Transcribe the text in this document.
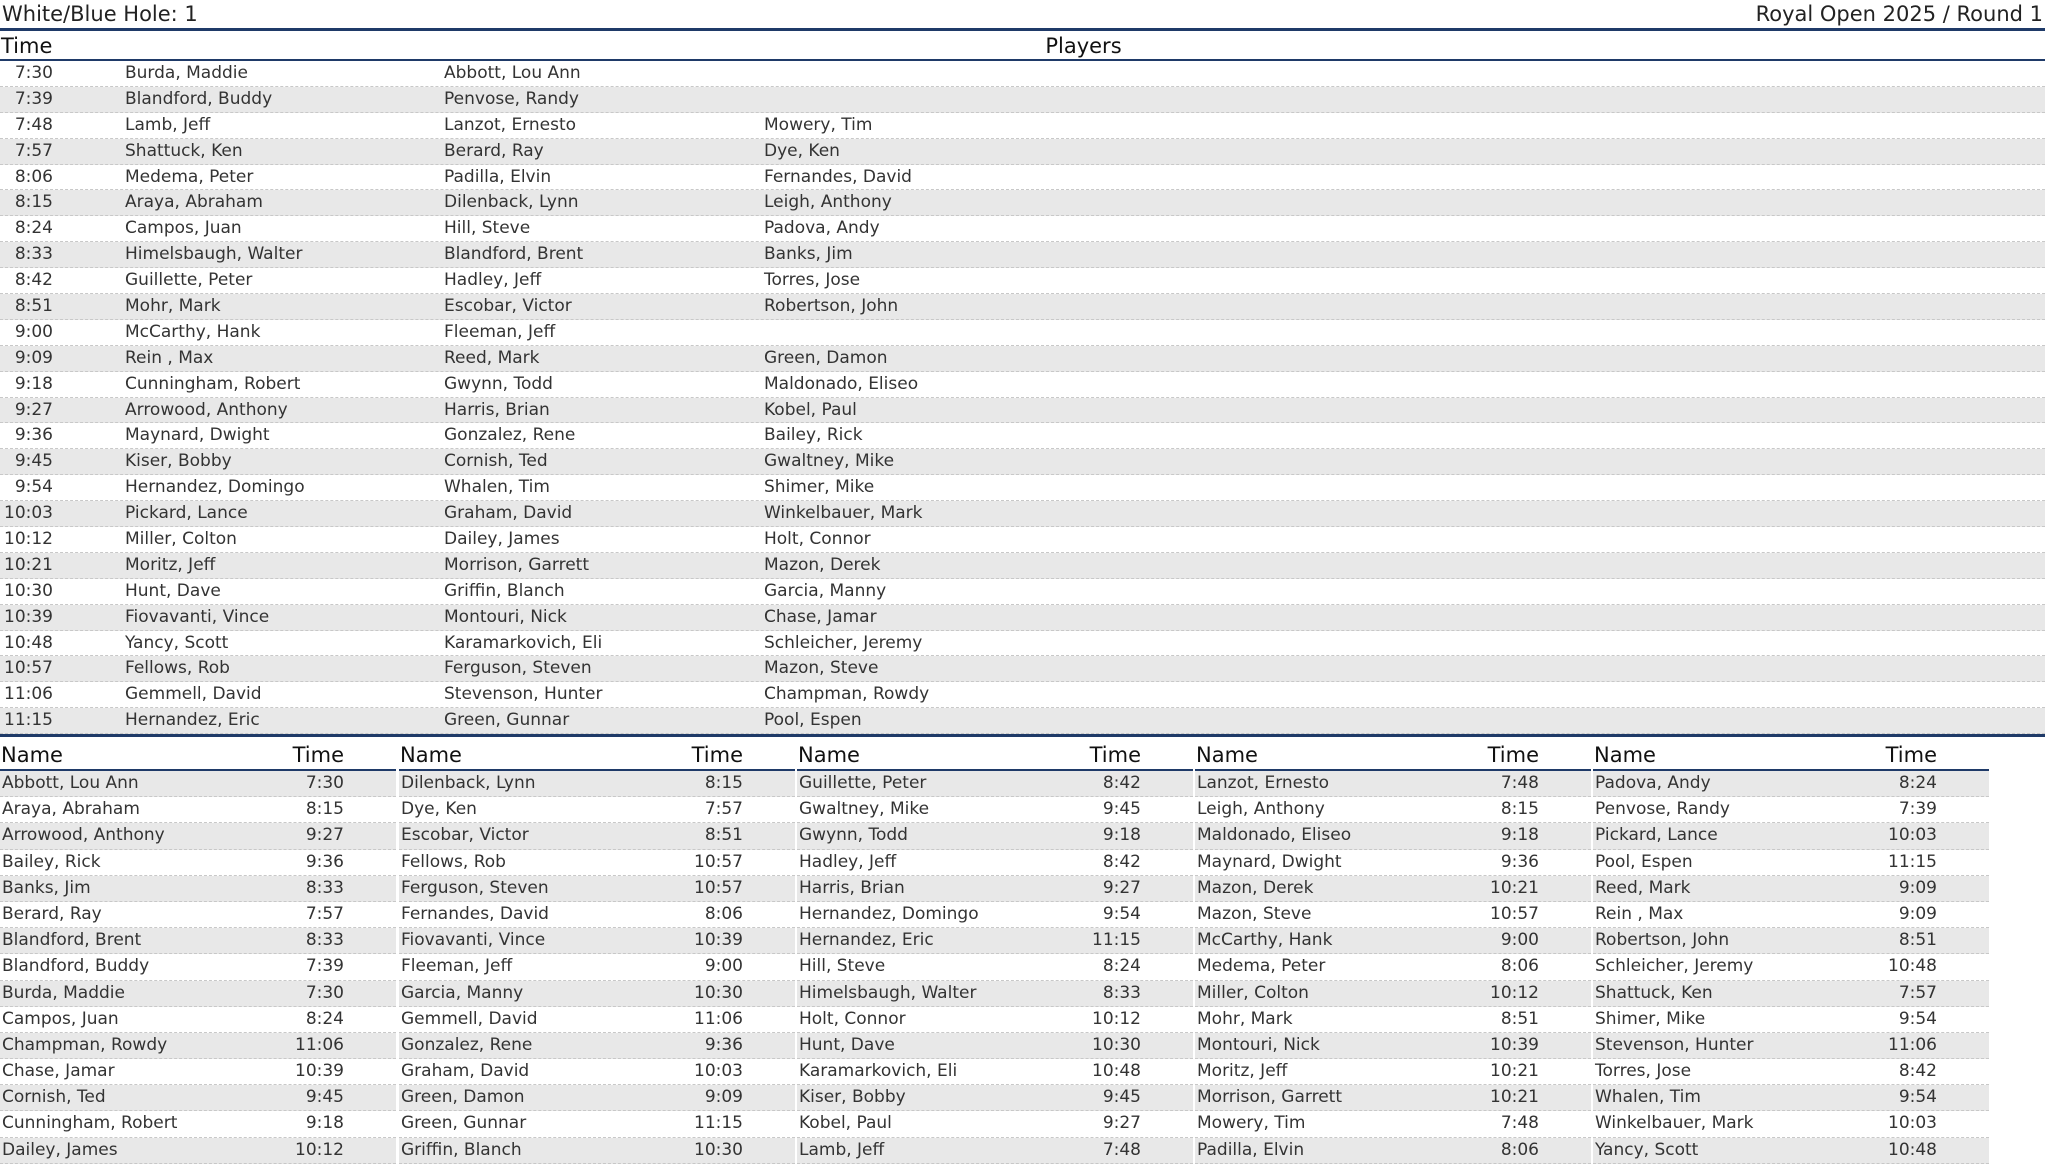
White/Blue Hole: 1	Royal Open 2025 / Round 1
Time	Players
7:30	Burda, Maddie	Abbott, Lou Ann
7:39	Blandford, Buddy	Penvose, Randy
7:48	Lamb, Jeff	Lanzot, Ernesto	Mowery, Tim
7:57	Shattuck, Ken	Berard, Ray	Dye, Ken
8:06	Medema, Peter	Padilla, Elvin	Fernandes, David
8:15	Araya, Abraham	Dilenback, Lynn	Leigh, Anthony
8:24	Campos, Juan	Hill, Steve	Padova, Andy
8:33	Himelsbaugh, Walter	Blandford, Brent	Banks, Jim
8:42	Guillette, Peter	Hadley, Jeff	Torres, Jose
8:51	Mohr, Mark	Escobar, Victor	Robertson, John
9:00	McCarthy, Hank	Fleeman, Jeff
9:09	Rein , Max	Reed, Mark	Green, Damon
9:18	Cunningham, Robert	Gwynn, Todd	Maldonado, Eliseo
9:27	Arrowood, Anthony	Harris, Brian	Kobel, Paul
9:36	Maynard, Dwight	Gonzalez, Rene	Bailey, Rick
9:45	Kiser, Bobby	Cornish, Ted	Gwaltney, Mike
9:54	Hernandez, Domingo	Whalen, Tim	Shimer, Mike
10:03	Pickard, Lance	Graham, David	Winkelbauer, Mark
10:12	Miller, Colton	Dailey, James	Holt, Connor
10:21	Moritz, Jeff	Morrison, Garrett	Mazon, Derek
10:30	Hunt, Dave	Griffin, Blanch	Garcia, Manny
10:39	Fiovavanti, Vince	Montouri, Nick	Chase, Jamar
10:48	Yancy, Scott	Karamarkovich, Eli	Schleicher, Jeremy
10:57	Fellows, Rob	Ferguson, Steven	Mazon, Steve
11:06	Gemmell, David	Stevenson, Hunter	Champman, Rowdy
11:15	Hernandez, Eric	Green, Gunnar	Pool, Espen
Name	Time
Abbott, Lou Ann	7:30
Araya, Abraham	8:15
Arrowood, Anthony	9:27
Bailey, Rick	9:36
Banks, Jim	8:33
Berard, Ray	7:57
Blandford, Brent	8:33
Blandford, Buddy	7:39
Burda, Maddie	7:30
Campos, Juan	8:24
Champman, Rowdy	11:06
Chase, Jamar	10:39
Cornish, Ted	9:45
Cunningham, Robert	9:18
Dailey, James	10:12
Name	Time
Dilenback, Lynn	8:15
Dye, Ken	7:57
Escobar, Victor	8:51
Fellows, Rob	10:57
Ferguson, Steven	10:57
Fernandes, David	8:06
Fiovavanti, Vince	10:39
Fleeman, Jeff	9:00
Garcia, Manny	10:30
Gemmell, David	11:06
Gonzalez, Rene	9:36
Graham, David	10:03
Green, Damon	9:09
Green, Gunnar	11:15
Griffin, Blanch	10:30
Name	Time
Guillette, Peter	8:42
Gwaltney, Mike	9:45
Gwynn, Todd	9:18
Hadley, Jeff	8:42
Harris, Brian	9:27
Hernandez, Domingo	9:54
Hernandez, Eric	11:15
Hill, Steve	8:24
Himelsbaugh, Walter	8:33
Holt, Connor	10:12
Hunt, Dave	10:30
Karamarkovich, Eli	10:48
Kiser, Bobby	9:45
Kobel, Paul	9:27
Lamb, Jeff	7:48
Name	Time
Lanzot, Ernesto	7:48
Leigh, Anthony	8:15
Maldonado, Eliseo	9:18
Maynard, Dwight	9:36
Mazon, Derek	10:21
Mazon, Steve	10:57
McCarthy, Hank	9:00
Medema, Peter	8:06
Miller, Colton	10:12
Mohr, Mark	8:51
Montouri, Nick	10:39
Moritz, Jeff	10:21
Morrison, Garrett	10:21
Mowery, Tim	7:48
Padilla, Elvin	8:06
Name	Time
Padova, Andy	8:24
Penvose, Randy	7:39
Pickard, Lance	10:03
Pool, Espen	11:15
Reed, Mark	9:09
Rein , Max	9:09
Robertson, John	8:51
Schleicher, Jeremy	10:48
Shattuck, Ken	7:57
Shimer, Mike	9:54
Stevenson, Hunter	11:06
Torres, Jose	8:42
Whalen, Tim	9:54
Winkelbauer, Mark	10:03
Yancy, Scott	10:48
